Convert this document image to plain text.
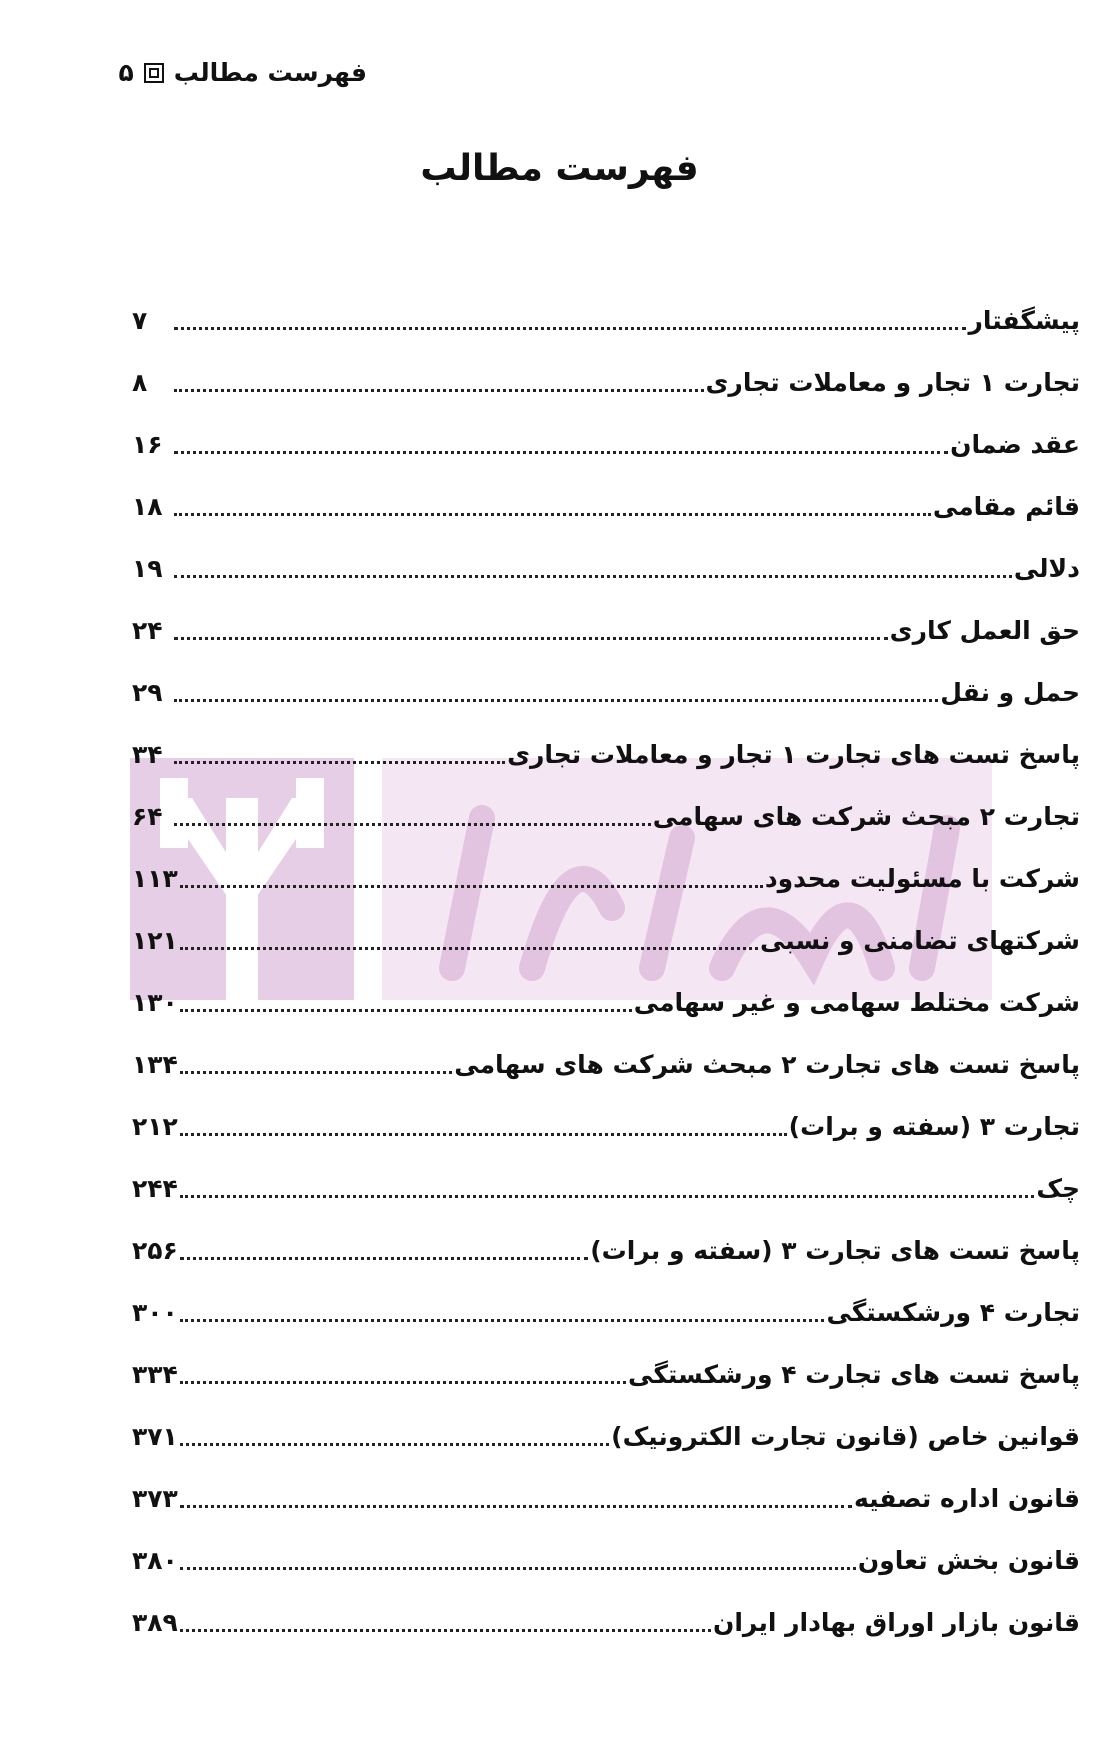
فهرست مطالب
۵
فهرست مطالب
پیشگفتار
۷
تجارت ۱ تجار و معاملات تجاری
۸
عقد ضمان
۱۶
قائم مقامی
۱۸
دلالی
۱۹
حق العمل کاری
۲۴
حمل و نقل
۲۹
پاسخ تست های تجارت ۱ تجار و معاملات تجاری
۳۴
تجارت ۲ مبحث شرکت های سهامی
۶۴
شرکت با مسئولیت محدود
۱۱۳
شرکتهای تضامنی و نسبی
۱۲۱
شرکت مختلط سهامی و غیر سهامی
۱۳۰
پاسخ تست های تجارت ۲ مبحث شرکت های سهامی
۱۳۴
تجارت ۳ (سفته و برات)
۲۱۲
چک
۲۴۴
پاسخ تست های تجارت ۳ (سفته و برات)
۲۵۶
تجارت ۴ ورشکستگی
۳۰۰
پاسخ تست های تجارت ۴ ورشکستگی
۳۳۴
قوانین خاص (قانون تجارت الکترونیک)
۳۷۱
قانون اداره تصفیه
۳۷۳
قانون بخش تعاون
۳۸۰
قانون بازار اوراق بهادار ایران
۳۸۹
